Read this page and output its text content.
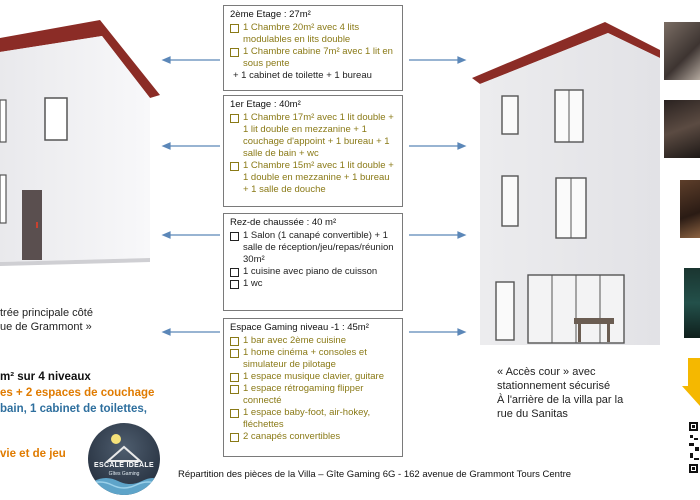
2ème Etage : 27m²
1 Chambre 20m² avec 4 lits modulables en lits double
1 Chambre cabine 7m² avec 1 lit en sous pente
+ 1 cabinet de toilette + 1 bureau
1er Etage : 40m²
1 Chambre 17m² avec 1 lit double + 1 lit double en mezzanine + 1 couchage d'appoint + 1 bureau + 1 salle de bain + wc
1 Chambre 15m² avec 1 lit double + 1 double en mezzanine + 1 bureau + 1 salle de douche
Rez-de chaussée : 40 m²
1 Salon (1 canapé convertible) + 1 salle de réception/jeu/repas/réunion 30m²
1 cuisine avec piano de cuisson
1 wc
Espace Gaming niveau -1 : 45m²
1 bar avec 2ème cuisine
1 home cinéma + consoles et simulateur de pilotage
1 espace musique clavier, guitare
1 espace rétrogaming flipper connecté
1 espace baby-foot, air-hokey, fléchettes
2 canapés convertibles
trée principale côté
ue de Grammont »
m² sur 4 niveaux
es + 2 espaces de couchage
bain, 1 cabinet de toilettes,
vie et de jeu
ESCALE IDÉALE
Gîtes Gaming
« Accès cour » avec
stationnement sécurisé
À l'arrière de la villa par la
rue du Sanitas
Répartition des pièces de la Villa – Gîte Gaming 6G - 162 avenue de Grammont Tours Centre
